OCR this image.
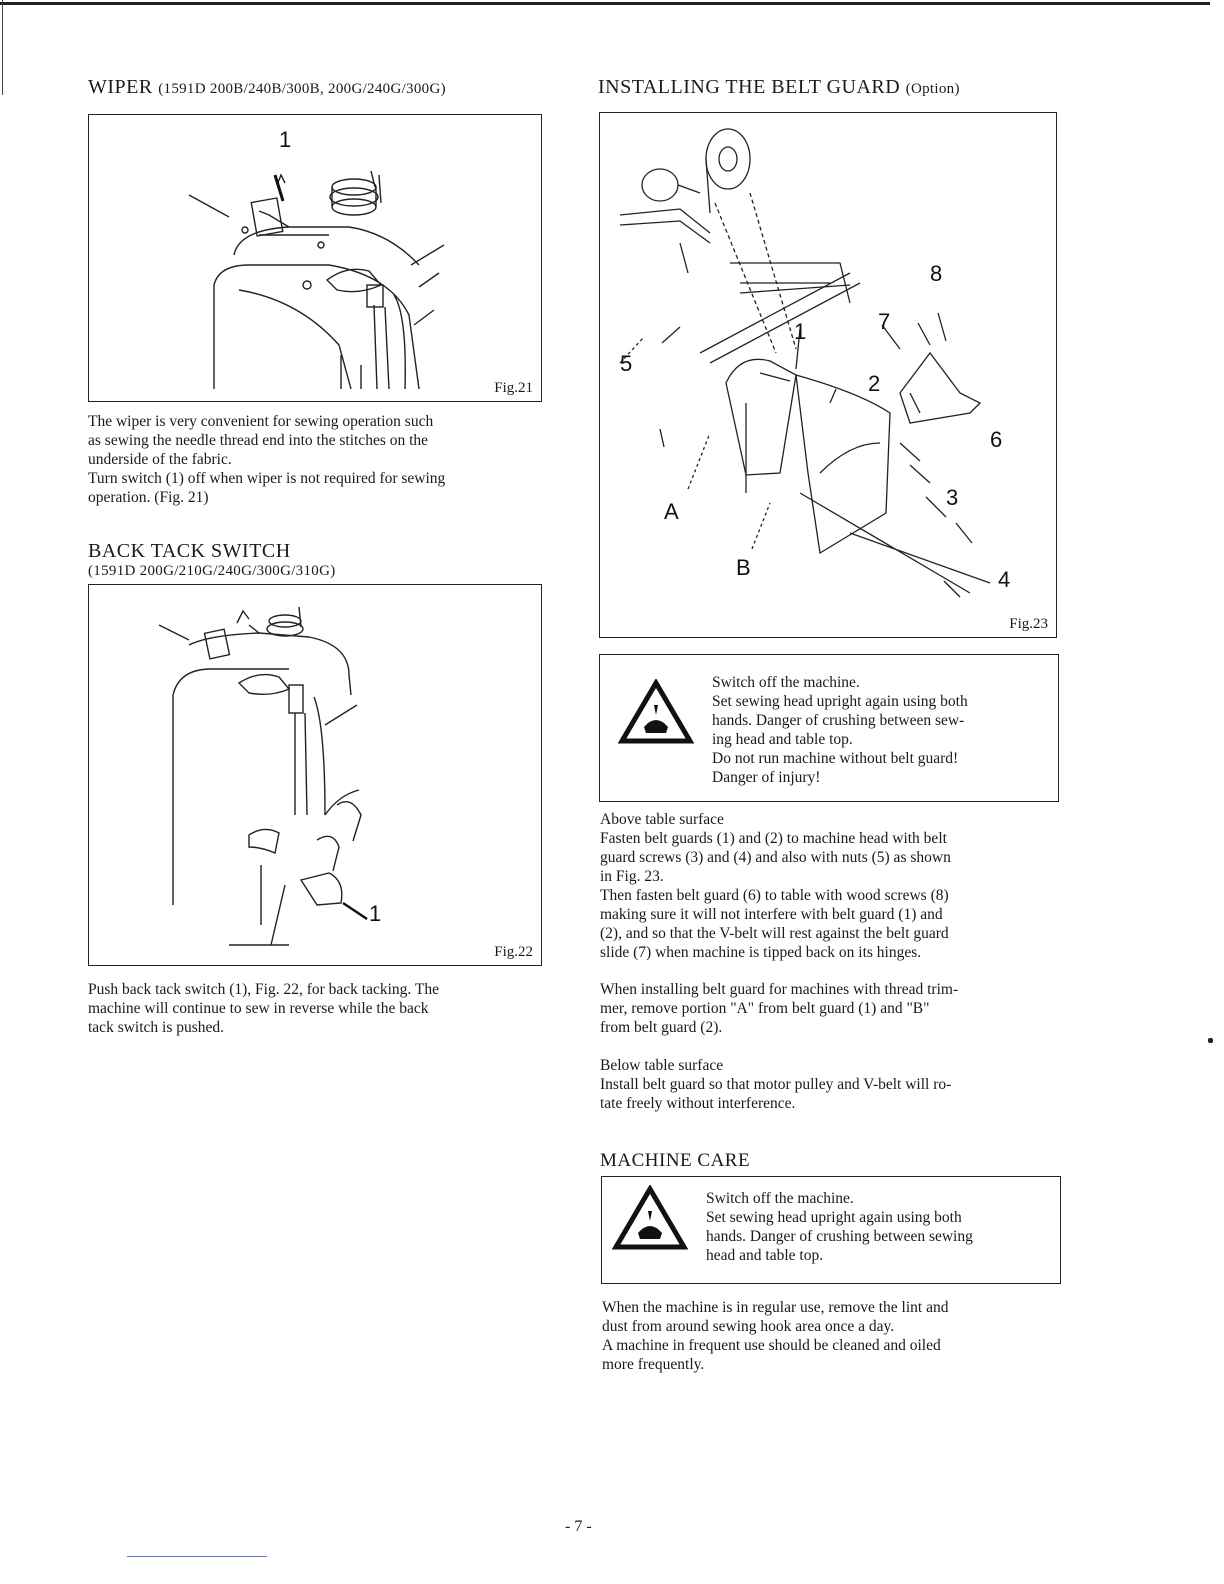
WIPER (1591D 200B/240B/300B, 200G/240G/300G)
1
Fig.21

The wiper is very convenient for sewing operation such

as sewing the needle thread end into the stitches on the

underside of the fabric.

Turn switch (1) off when wiper is not required for sewing

operation. (Fig. 21)

BACK TACK SWITCH
(1591D 200G/210G/240G/300G/310G)
1
Fig.22

Push back tack switch (1), Fig. 22, for back tacking. The

machine will continue to sew in reverse while the back

tack switch is pushed.

INSTALLING THE BELT GUARD (Option)
8
7
1
5
2
6
3
A
B	4
Fig.23
Switch off the machine.
Set sewing head upright again using both
hands. Danger of crushing between sew-
ing head and table top.
Do not run machine without belt guard!
Danger of injury!

Above table surface

Fasten belt guards (1) and (2) to machine head with belt

guard screws (3) and (4) and also with nuts (5) as shown

in Fig. 23.

Then fasten belt guard (6) to table with wood screws (8)

making sure it will not interfere with belt guard (1) and

(2), and so that the V-belt will rest against the belt guard

slide (7) when machine is tipped back on its hinges.

When installing belt guard for machines with thread trim-

mer, remove portion "A" from belt guard (1) and "B"

from belt guard (2).

Below table surface

Install belt guard so that motor pulley and V-belt will ro-

tate freely without interference.

MACHINE CARE
Switch off the machine.
Set sewing head upright again using both
hands. Danger of crushing between sewing
head and table top.

When the machine is in regular use, remove the lint and

dust from around sewing hook area once a day.

A machine in frequent use should be cleaned and oiled

more frequently.

- 7 -
